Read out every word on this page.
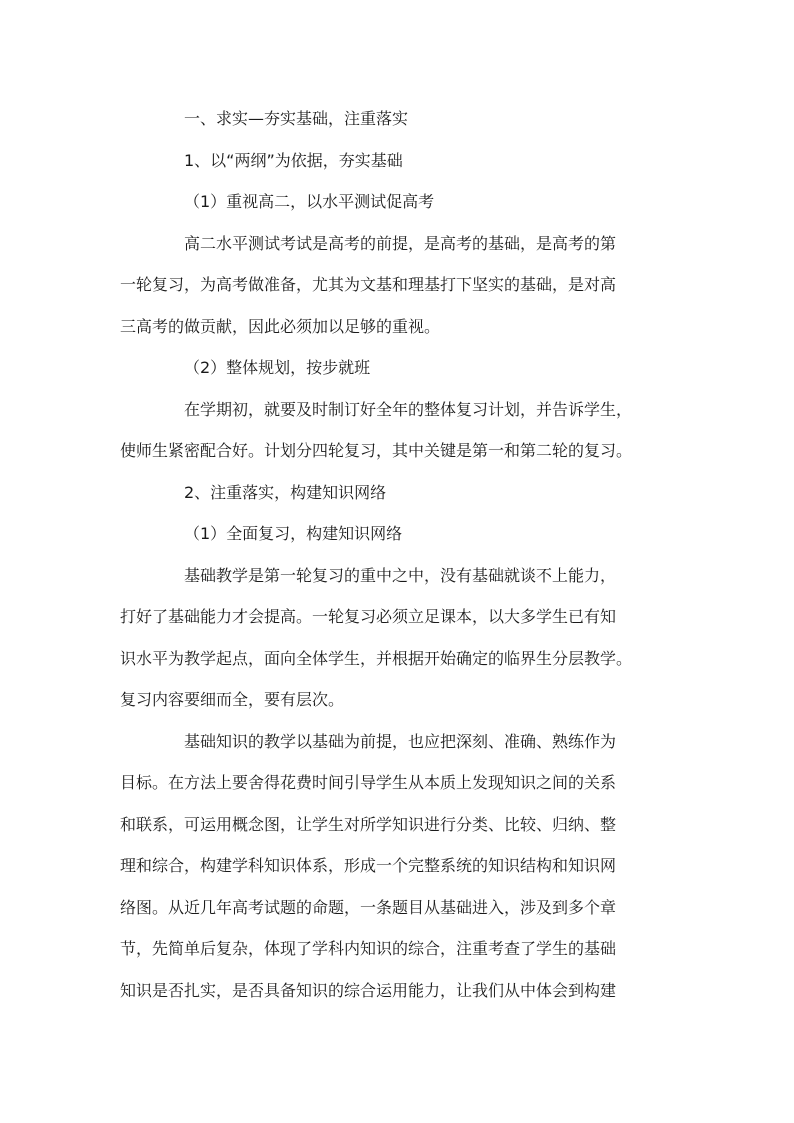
一、求实—夯实基础，注重落实

1、以“两纲”为依据，夯实基础

（1）重视高二，以水平测试促高考

高二水平测试考试是高考的前提，是高考的基础，是高考的第

一轮复习，为高考做准备，尤其为文基和理基打下坚实的基础，是对高

三高考的做贡献，因此必须加以足够的重视。

（2）整体规划，按步就班

在学期初，就要及时制订好全年的整体复习计划，并告诉学生，

使师生紧密配合好。计划分四轮复习，其中关键是第一和第二轮的复习。

2、注重落实，构建知识网络

（1）全面复习，构建知识网络

基础教学是第一轮复习的重中之中，没有基础就谈不上能力，

打好了基础能力才会提高。一轮复习必须立足课本，以大多学生已有知

识水平为教学起点，面向全体学生，并根据开始确定的临界生分层教学。

复习内容要细而全，要有层次。

基础知识的教学以基础为前提，也应把深刻、准确、熟练作为

目标。在方法上要舍得花费时间引导学生从本质上发现知识之间的关系

和联系，可运用概念图，让学生对所学知识进行分类、比较、归纳、整

理和综合，构建学科知识体系，形成一个完整系统的知识结构和知识网

络图。从近几年高考试题的命题，一条题目从基础进入，涉及到多个章

节，先简单后复杂，体现了学科内知识的综合，注重考查了学生的基础

知识是否扎实，是否具备知识的综合运用能力，让我们从中体会到构建
